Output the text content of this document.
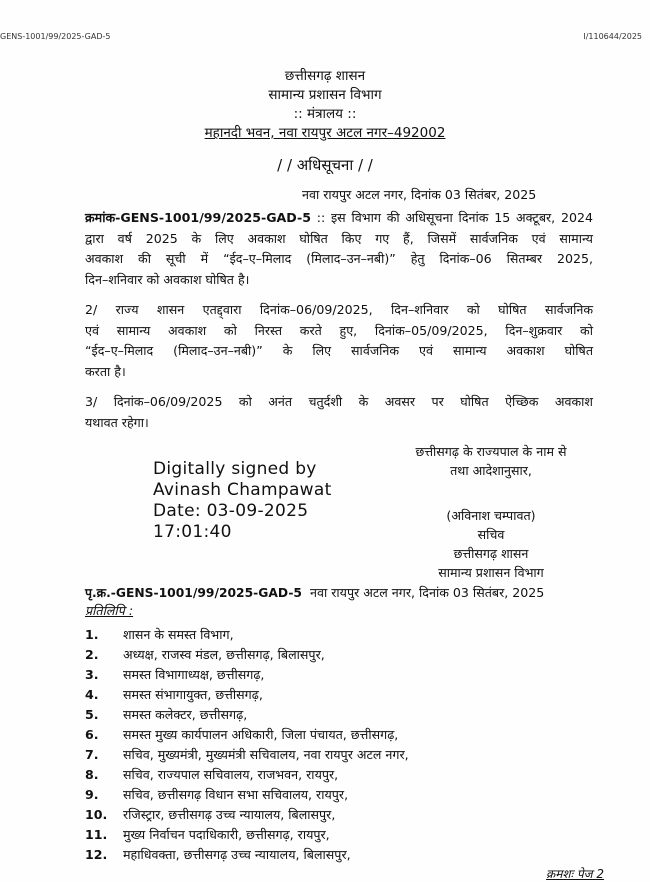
GENS-1001/99/2025-GAD-5	I/110644/2025
छत्तीसगढ़ शासन
सामान्य प्रशासन विभाग
:: मंत्रालय ::
महानदी भवन, नवा रायपुर अटल नगर–492002
/ / अधिसूचना / /
नवा रायपुर अटल नगर, दिनांक 03 सितंबर, 2025
क्रमांक-GENS-1001/99/2025-GAD-5 :: इस विभाग की अधिसूचना दिनांक 15 अक्टूबर, 2024
द्वारा वर्ष 2025 के लिए अवकाश घोषित किए गए हैं, जिसमें सार्वजनिक एवं सामान्य
अवकाश की सूची में “ईद–ए–मिलाद (मिलाद–उन–नबी)” हेतु दिनांक–06 सितम्बर 2025,
दिन–शनिवार को अवकाश घोषित है।
2/ राज्य शासन एतद्द्वारा दिनांक–06/09/2025, दिन–शनिवार को घोषित सार्वजनिक
एवं सामान्य अवकाश को निरस्त करते हुए, दिनांक–05/09/2025, दिन–शुक्रवार को
“ईद–ए–मिलाद (मिलाद–उन–नबी)” के लिए सार्वजनिक एवं सामान्य अवकाश घोषित
करता है।
3/ दिनांक–06/09/2025 को अनंत चतुर्दशी के अवसर पर घोषित ऐच्छिक अवकाश
यथावत रहेगा।
छत्तीसगढ़ के राज्यपाल के नाम से
तथा आदेशानुसार,
Digitally signed by
Avinash Champawat
Date: 03-09-2025
17:01:40
(अविनाश चम्पावत)
सचिव
छत्तीसगढ़ शासन
सामान्य प्रशासन विभाग
पृ.क्र.-GENS-1001/99/2025-GAD-5 नवा रायपुर अटल नगर, दिनांक 03 सितंबर, 2025
प्रतिलिपि :
1. शासन के समस्त विभाग,
2. अध्यक्ष, राजस्व मंडल, छत्तीसगढ़, बिलासपुर,
3. समस्त विभागाध्यक्ष, छत्तीसगढ़,
4. समस्त संभागायुक्त, छत्तीसगढ़,
5. समस्त कलेक्टर, छत्तीसगढ़,
6. समस्त मुख्य कार्यपालन अधिकारी, जिला पंचायत, छत्तीसगढ़,
7. सचिव, मुख्यमंत्री, मुख्यमंत्री सचिवालय, नवा रायपुर अटल नगर,
8. सचिव, राज्यपाल सचिवालय, राजभवन, रायपुर,
9. सचिव, छत्तीसगढ़ विधान सभा सचिवालय, रायपुर,
10. रजिस्ट्रार, छत्तीसगढ़ उच्च न्यायालय, बिलासपुर,
11. मुख्य निर्वाचन पदाधिकारी, छत्तीसगढ़, रायपुर,
12. महाधिवक्ता, छत्तीसगढ़ उच्च न्यायालय, बिलासपुर,
क्रमशः पेज 2
